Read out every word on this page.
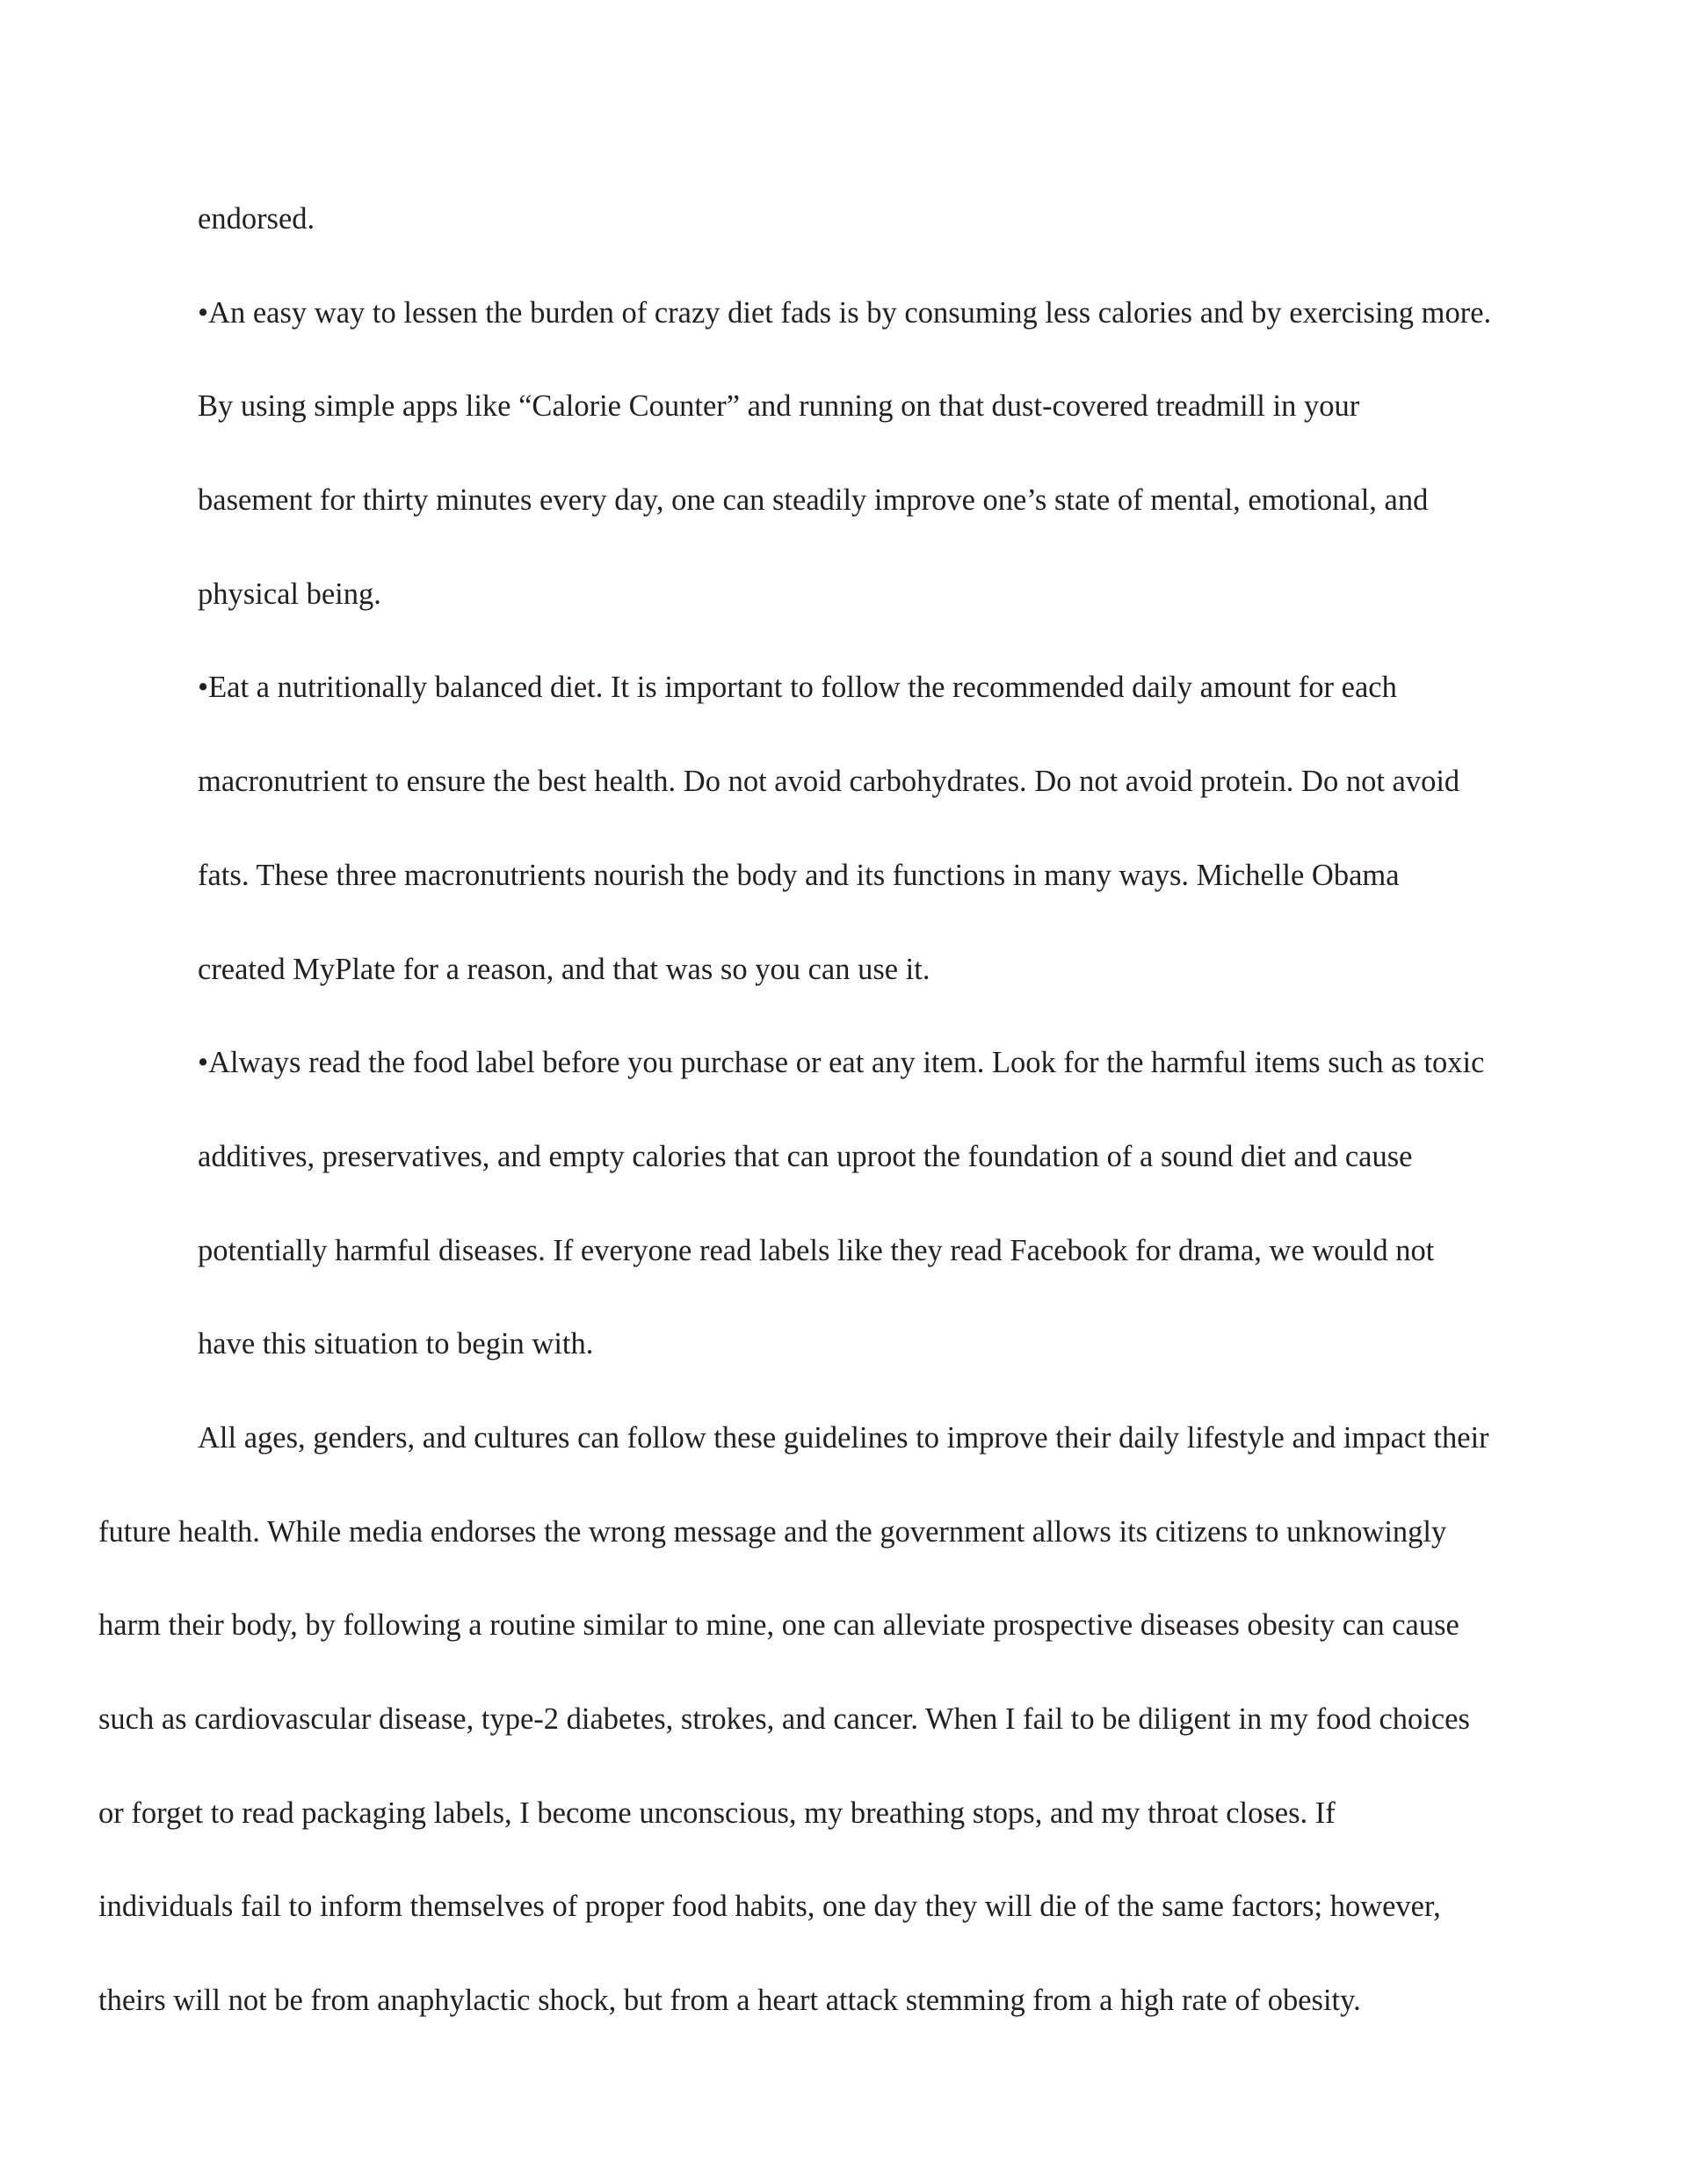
endorsed.
•An easy way to lessen the burden of crazy diet fads is by consuming less calories and by exercising more.
By using simple apps like “Calorie Counter” and running on that dust-covered treadmill in your
basement for thirty minutes every day, one can steadily improve one’s state of mental, emotional, and
physical being.
•Eat a nutritionally balanced diet. It is important to follow the recommended daily amount for each
macronutrient to ensure the best health. Do not avoid carbohydrates. Do not avoid protein. Do not avoid
fats. These three macronutrients nourish the body and its functions in many ways. Michelle Obama
created MyPlate for a reason, and that was so you can use it.
•Always read the food label before you purchase or eat any item. Look for the harmful items such as toxic
additives, preservatives, and empty calories that can uproot the foundation of a sound diet and cause
potentially harmful diseases. If everyone read labels like they read Facebook for drama, we would not
have this situation to begin with.
All ages, genders, and cultures can follow these guidelines to improve their daily lifestyle and impact their
future health. While media endorses the wrong message and the government allows its citizens to unknowingly
harm their body, by following a routine similar to mine, one can alleviate prospective diseases obesity can cause
such as cardiovascular disease, type-2 diabetes, strokes, and cancer. When I fail to be diligent in my food choices
or forget to read packaging labels, I become unconscious, my breathing stops, and my throat closes. If
individuals fail to inform themselves of proper food habits, one day they will die of the same factors; however,
theirs will not be from anaphylactic shock, but from a heart attack stemming from a high rate of obesity.
